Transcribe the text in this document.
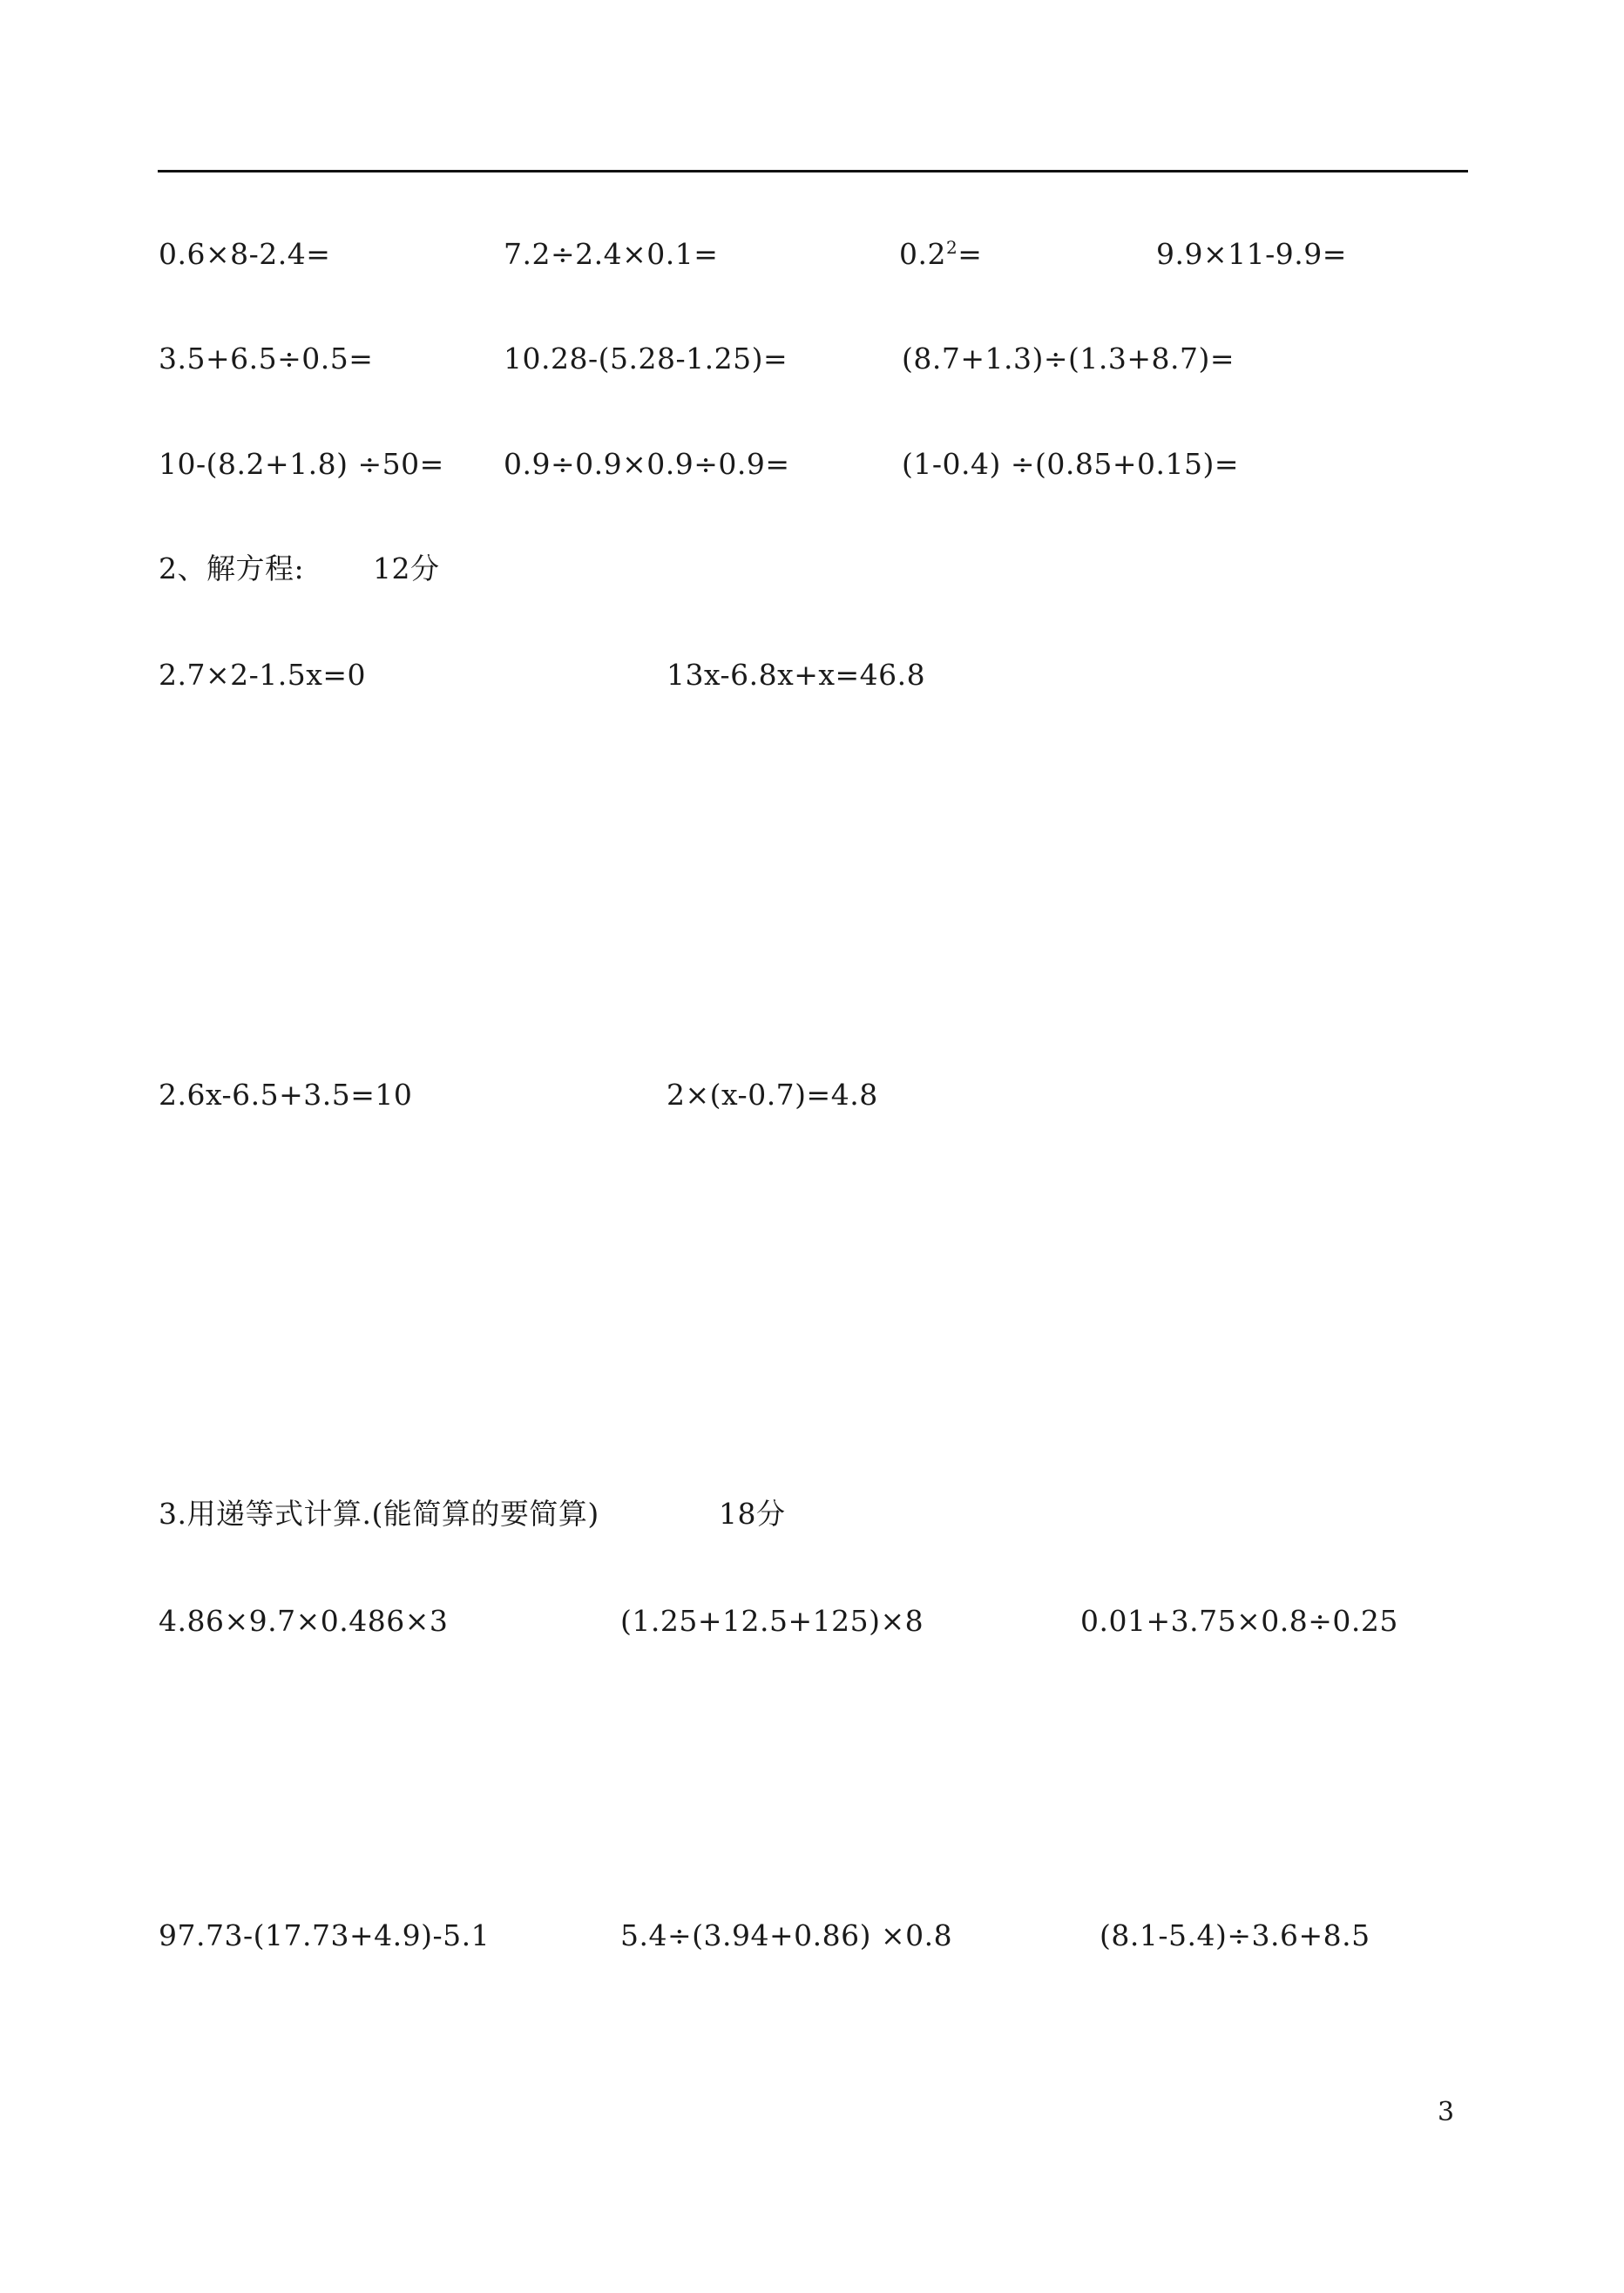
0.6×8-2.4=	7.2÷2.4×0.1=	$0.2^2=$	9.9×11-9.9=
3.5+6.5÷0.5=	10.28-(5.28-1.25)=	(8.7+1.3)÷(1.3+8.7)=
10-(8.2+1.8) ÷50= 0.9÷0.9×0.9÷0.9=	(1-0.4) ÷(0.85+0.15)=
2、解方程: 12分
2.7×2-1.5x=0	13x-6.8x+x=46.8
2.6x-6.5+3.5=10	2×(x-0.7)=4.8
3.用递等式计算.(能简算的要简算)	18分
4.86×9.7×0.486×3	(1.25+12.5+125)×8	0.01+3.75×0.8÷0.25
97.73-(17.73+4.9)-5.1	5.4÷(3.94+0.86) ×0.8	(8.1-5.4)÷3.6+8.5
3
